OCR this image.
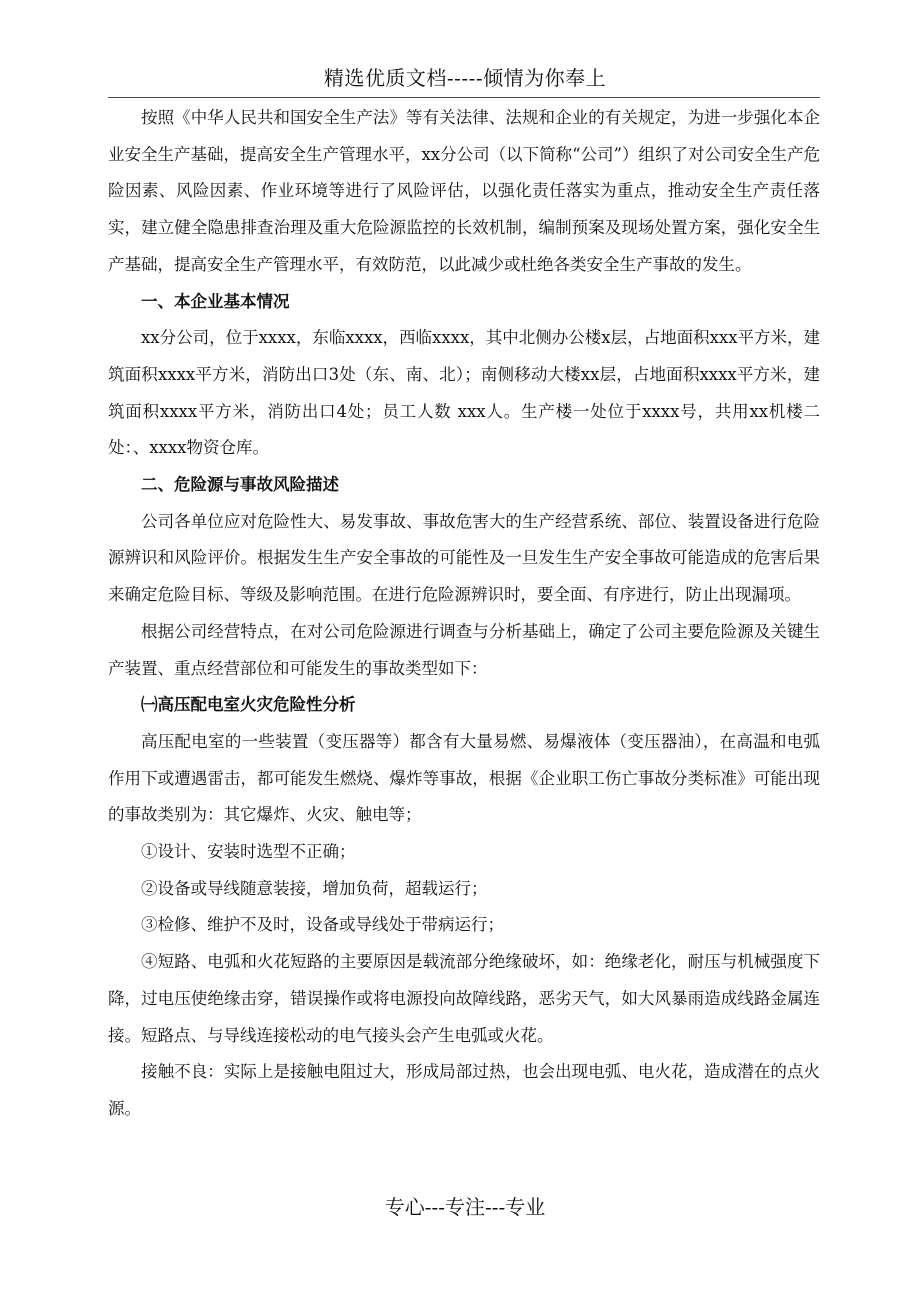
精选优质文档-----倾情为你奉上

按照《中华人民共和国安全生产法》等有关法律、法规和企业的有关规定，为进一步强化本企业安全生产基础，提高安全生产管理水平，xx分公司（以下简称“公司”）组织了对公司安全生产危险因素、风险因素、作业环境等进行了风险评估，以强化责任落实为重点，推动安全生产责任落实，建立健全隐患排查治理及重大危险源监控的长效机制，编制预案及现场处置方案，强化安全生产基础，提高安全生产管理水平，有效防范，以此减少或杜绝各类安全生产事故的发生。

一、本企业基本情况

xx分公司，位于xxxx，东临xxxx，西临xxxx，其中北侧办公楼x层，占地面积xxx平方米，建筑面积xxxx平方米，消防出口3处（东、南、北）；南侧移动大楼xx层，占地面积xxxx平方米，建筑面积xxxx平方米，消防出口4处；员工人数 xxx人。生产楼一处位于xxxx号，共用xx机楼二处：、xxxx物资仓库。

二、危险源与事故风险描述

公司各单位应对危险性大、易发事故、事故危害大的生产经营系统、部位、装置设备进行危险源辨识和风险评价。根据发生生产安全事故的可能性及一旦发生生产安全事故可能造成的危害后果来确定危险目标、等级及影响范围。在进行危险源辨识时，要全面、有序进行，防止出现漏项。

根据公司经营特点，在对公司危险源进行调查与分析基础上，确定了公司主要危险源及关键生产装置、重点经营部位和可能发生的事故类型如下：

㈠高压配电室火灾危险性分析

高压配电室的一些装置（变压器等）都含有大量易燃、易爆液体（变压器油），在高温和电弧作用下或遭遇雷击，都可能发生燃烧、爆炸等事故，根据《企业职工伤亡事故分类标准》可能出现的事故类别为：其它爆炸、火灾、触电等；

①设计、安装时选型不正确；

②设备或导线随意装接，增加负荷，超载运行；

③检修、维护不及时，设备或导线处于带病运行；

④短路、电弧和火花短路的主要原因是载流部分绝缘破坏，如：绝缘老化，耐压与机械强度下降，过电压使绝缘击穿，错误操作或将电源投向故障线路，恶劣天气，如大风暴雨造成线路金属连接。短路点、与导线连接松动的电气接头会产生电弧或火花。

接触不良：实际上是接触电阻过大，形成局部过热，也会出现电弧、电火花，造成潜在的点火源。

专心---专注---专业
